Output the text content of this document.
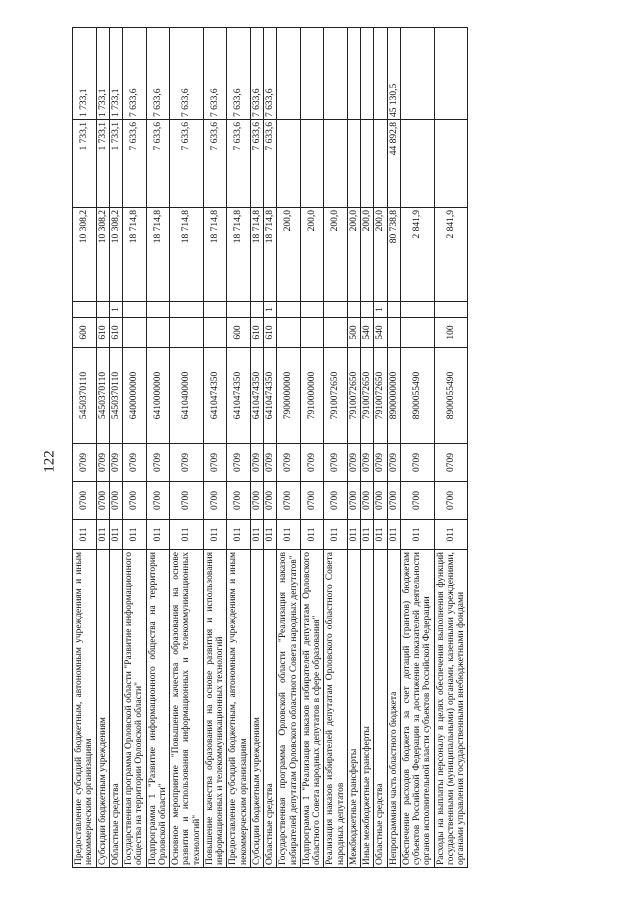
122
Предоставление субсидий бюджетным, автономным учреждениям и иным некоммерческим организациям	011	0700	0709	5450370110	600		10 308,2	1 733,1	1 733,1
Субсидии бюджетным учреждениям	011	0700	0709	5450370110	610		10 308,2	1 733,1	1 733,1
Областные средства	011	0700	0709	5450370110	610	1	10 308,2	1 733,1	1 733,1
Государственная программа Орловской области "Развитие информационного общества на территории Орловской области"	011	0700	0709	6400000000			18 714,8	7 633,6	7 633,6
Подпрограмма 1 "Развитие информационного общества на территории Орловской области"	011	0700	0709	6410000000			18 714,8	7 633,6	7 633,6
Основное мероприятие "Повышение качества образования на основе развития и использования информационных и телекоммуникационных технологий"	011	0700	0709	6410400000			18 714,8	7 633,6	7 633,6
Повышение качества образования на основе развития и использования информационных и телекоммуникационных технологий	011	0700	0709	6410474350			18 714,8	7 633,6	7 633,6
Предоставление субсидий бюджетным, автономным учреждениям и иным некоммерческим организациям	011	0700	0709	6410474350	600		18 714,8	7 633,6	7 633,6
Субсидии бюджетным учреждениям	011	0700	0709	6410474350	610		18 714,8	7 633,6	7 633,6
Областные средства	011	0700	0709	6410474350	610	1	18 714,8	7 633,6	7 633,6
Государственная программа Орловской области "Реализация наказов избирателей депутатам Орловского областного Совета народных депутатов"	011	0700	0709	7900000000			200,0		
Подпрограмма 1 "Реализация наказов избирателей депутатам Орловского областного Совета народных депутатов в сфере образования"	011	0700	0709	7910000000			200,0		
Реализация наказов избирателей депутатам Орловского областного Совета народных депутатов	011	0700	0709	7910072650			200,0		
Межбюджетные трансферты	011	0700	0709	7910072650	500		200,0		
Иные межбюджетные трансферты	011	0700	0709	7910072650	540		200,0		
Областные средства	011	0700	0709	7910072650	540	1	200,0		
Непрограммная часть областного бюджета	011	0700	0709	8900000000			80 738,8	44 892,8	45 130,5
Обеспечение расходов бюджета за счет дотаций (грантов) бюджетам субъектов Российской Федерации за достижение показателей деятельности органов исполнительной власти субъектов Российской Федерации	011	0700	0709	8900055490			2 841,9		
Расходы на выплаты персоналу в целях обеспечения выполнения функций государственными (муниципальными) органами, казенными учреждениями, органами управления государственными внебюджетными фондами	011	0700	0709	8900055490	100		2 841,9		
